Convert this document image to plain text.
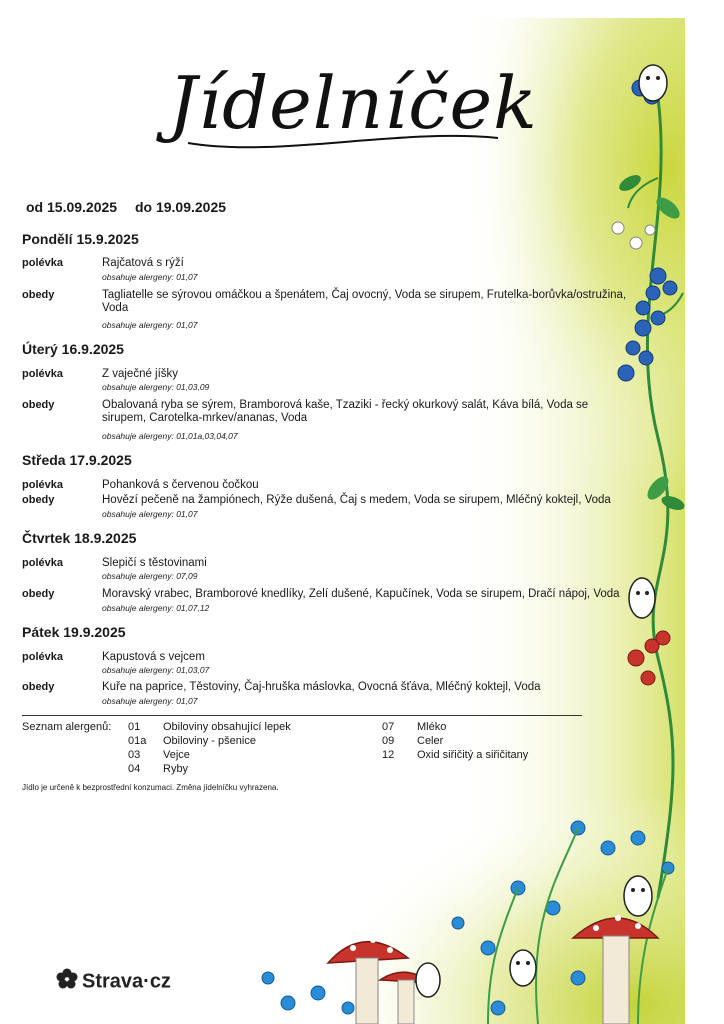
Jídelníček
od 15.09.2025 do 19.09.2025
Pondělí 15.9.2025
polévka	Rajčatová s rýží
obsahuje alergeny: 01,07
obedy	Tagliatelle se sýrovou omáčkou a špenátem, Čaj ovocný, Voda se sirupem, Frutelka-borůvka/ostružina,
Voda
obsahuje alergeny: 01,07
Úterý 16.9.2025
polévka	Z vaječné jíšky
obsahuje alergeny: 01,03,09
obedy	Obalovaná ryba se sýrem, Bramborová kaše, Tzaziki - řecký okurkový salát, Káva bílá, Voda se
sirupem, Carotelka-mrkev/ananas, Voda
obsahuje alergeny: 01,01a,03,04,07
Středa 17.9.2025
polévka	Pohanková s červenou čočkou
obedy	Hovězí pečeně na žampiónech, Rýže dušená, Čaj s medem, Voda se sirupem, Mléčný koktejl, Voda
obsahuje alergeny: 01,07
Čtvrtek 18.9.2025
polévka	Slepičí s těstovinami
obsahuje alergeny: 07,09
obedy	Moravský vrabec, Bramborové knedlíky, Zelí dušené, Kapučínek, Voda se sirupem, Dračí nápoj, Voda
obsahuje alergeny: 01,07,12
Pátek 19.9.2025
polévka	Kapustová s vejcem
obsahuje alergeny: 01,03,07
obedy	Kuře na paprice, Těstoviny, Čaj-hruška máslovka, Ovocná šťáva, Mléčný koktejl, Voda
obsahuje alergeny: 01,07
Seznam alergenů: 01 Obiloviny obsahující lepek
01a Obiloviny - pšenice
03 Vejce
04 Ryby
07 Mléko
09 Celer
12 Oxid siřičitý a siřičitany
Jídlo je určeně k bezprostřední konzumaci. Změna jídelníčku vyhrazena.
Strava·cz
